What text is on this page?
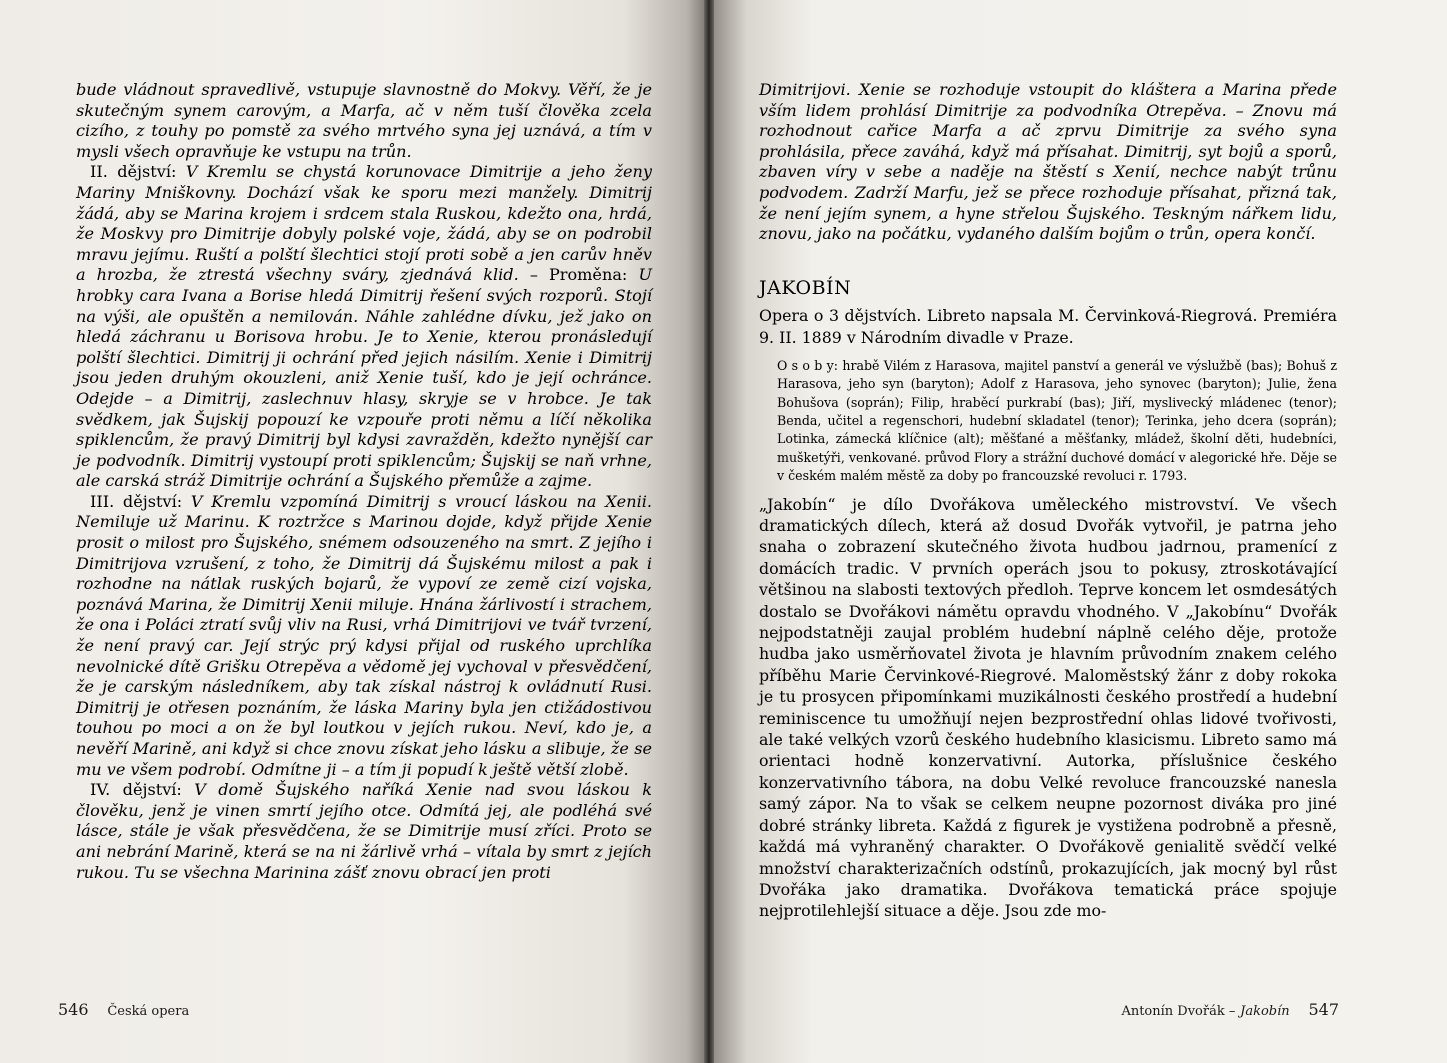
bude vládnout spravedlivě, vstupuje slavnostně do Mokvy. Věří, že je skutečným synem carovým, a Marfa, ač v něm tuší člověka zcela cizího, z touhy po pomstě za svého mrtvého syna jej uznává, a tím v mysli všech opravňuje ke vstupu na trůn.

II. dějství: V Kremlu se chystá korunovace Dimitrije a jeho ženy Mariny Mniškovny. Dochází však ke sporu mezi manžely. Dimitrij žádá, aby se Marina krojem i srdcem stala Ruskou, kdežto ona, hrdá, že Moskvy pro Dimitrije dobyly polské voje, žádá, aby se on podrobil mravu jejímu. Ruští a polští šlechtici stojí proti sobě a jen carův hněv a hrozba, že ztrestá všechny sváry, zjednává klid. – Proměna: U hrobky cara Ivana a Borise hledá Dimitrij řešení svých rozporů. Stojí na výši, ale opuštěn a nemilován. Náhle zahlédne dívku, jež jako on hledá záchranu u Borisova hrobu. Je to Xenie, kterou pronásledují polští šlechtici. Dimitrij ji ochrání před jejich násilím. Xenie i Dimitrij jsou jeden druhým okouzleni, aniž Xenie tuší, kdo je její ochránce. Odejde – a Dimitrij, zaslechnuv hlasy, skryje se v hrobce. Je tak svědkem, jak Šujskij popouzí ke vzpouře proti němu a líčí několika spiklencům, že pravý Dimitrij byl kdysi zavražděn, kdežto nynější car je podvodník. Dimitrij vystoupí proti spiklencům; Šujskij se naň vrhne, ale carská stráž Dimitrije ochrání a Šujského přemůže a zajme.

III. dějství: V Kremlu vzpomíná Dimitrij s vroucí láskou na Xenii. Nemiluje už Marinu. K roztržce s Marinou dojde, když přijde Xenie prosit o milost pro Šujského, snémem odsouzeného na smrt. Z jejího i Dimitrijova vzrušení, z toho, že Dimitrij dá Šujskému milost a pak i rozhodne na nátlak ruských bojarů, že vypoví ze země cizí vojska, poznává Marina, že Dimitrij Xenii miluje. Hnána žárlivostí i strachem, že ona i Poláci ztratí svůj vliv na Rusi, vrhá Dimitrijovi ve tvář tvrzení, že není pravý car. Její strýc prý kdysi přijal od ruského uprchlíka nevolnické dítě Grišku Otrepěva a vědomě jej vychoval v přesvědčení, že je carským následníkem, aby tak získal nástroj k ovládnutí Rusi. Dimitrij je otřesen poznáním, že láska Mariny byla jen ctižádostivou touhou po moci a on že byl loutkou v jejích rukou. Neví, kdo je, a nevěří Marině, ani když si chce znovu získat jeho lásku a slibuje, že se mu ve všem podrobí. Odmítne ji – a tím ji popudí k ještě větší zlobě.

IV. dějství: V domě Šujského naříká Xenie nad svou láskou k člověku, jenž je vinen smrtí jejího otce. Odmítá jej, ale podléhá své lásce, stále je však přesvědčena, že se Dimitrije musí zříci. Proto se ani nebrání Marině, která se na ni žárlivě vrhá – vítala by smrt z jejích rukou. Tu se všechna Marinina zášť znovu obrací jen proti

546 Česká opera

Dimitrijovi. Xenie se rozhoduje vstoupit do kláštera a Marina předе vším lidem prohlásí Dimitrije za podvodníka Otrepěva. – Znovu má rozhodnout cařice Marfa a ač zprvu Dimitrije za svého syna prohlásila, přece zaváhá, když má přísahat. Dimitrij, syt bojů a sporů, zbaven víry v sebe a naděje na štěstí s Xenií, nechce nabýt trůnu podvodem. Zadrží Marfu, jež se přece rozhoduje přísahat, přizná tak, že není jejím synem, a hyne střelou Šujského. Teskným nářkem lidu, znovu, jako na počátku, vydaného dalším bojům o trůn, opera končí.

JAKOBÍN

Opera o 3 dějstvích. Libreto napsala M. Červinková-Riegrová. Premiéra 9. II. 1889 v Národním divadle v Praze.

O s o b y: hrabě Vilém z Harasova, majitel panství a generál ve výslužbě (bas); Bohuš z Harasova, jeho syn (baryton); Adolf z Harasova, jeho synovec (baryton); Julie, žena Bohušova (soprán); Filip, hraběcí purkrabí (bas); Jiří, myslivecký mládenec (tenor); Benda, učitel a regenschori, hudební skladatel (tenor); Terinka, jeho dcera (soprán); Lotinka, zámecká klíčnice (alt); měšťané a měšťanky, mládež, školní děti, hudebníci, mušketýři, venkované. průvod Flory a strážní duchové domácí v alegorické hře. Děje se v českém malém městě za doby po francouzské revoluci r. 1793.

„Jakobín“ je dílo Dvořákova uměleckého mistrovství. Ve všech dramatických dílech, která až dosud Dvořák vytvořil, je patrna jeho snaha o zobrazení skutečného života hudbou jadrnou, pramenící z domácích tradic. V prvních operách jsou to pokusy, ztroskotávající většinou na slabosti textových předloh. Teprve koncem let osmdesátých dostalo se Dvořákovi námětu opravdu vhodného. V „Jakobínu“ Dvořák nejpodstatněji zaujal problém hudební náplně celého děje, protože hudba jako usměrňovatel života je hlavním průvodním znakem celého příběhu Marie Červinkové-Riegrové. Maloměstský žánr z doby rokoka je tu prosycen připomínkami muzikálnosti českého prostředí a hudební reminiscence tu umožňují nejen bezprostřední ohlas lidové tvořivosti, ale také velkých vzorů českého hudebního klasicismu. Libreto samo má orientaci hodně konzervativní. Autorka, příslušnice českého konzervativního tábora, na dobu Velké revoluce francouzské nanesla samý zápor. Na to však se celkem neupne pozornost diváka pro jiné dobré stránky libreta. Každá z figurek je vystižena podrobně a přesně, každá má vyhraněný charakter. O Dvořákově genialitě svědčí velké množství charakterizačních odstínů, prokazujících, jak mocný byl růst Dvořáka jako dramatika. Dvořákova tematická práce spojuje nejprotilehlejší situace a děje. Jsou zde mo-

Antonín Dvořák – Jakobín 547
